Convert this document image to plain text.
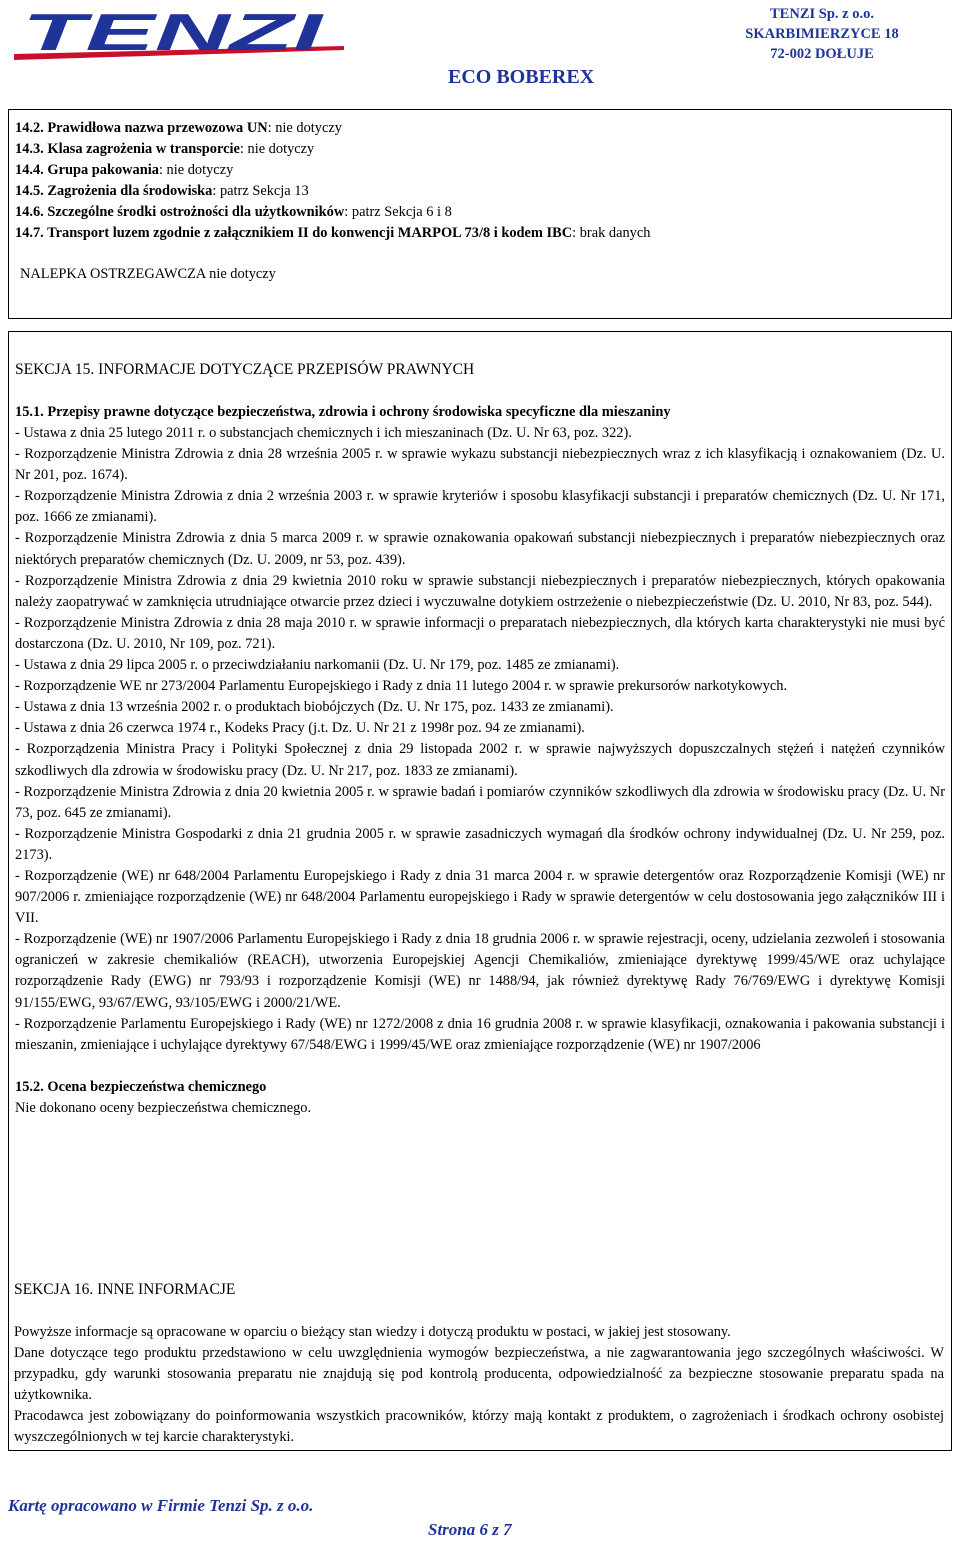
TENZI
ECO BOBEREX
TENZI Sp. z o.o.
SKARBIMIERZYCE 18
72-002 DOŁUJE
14.2. Prawidłowa nazwa przewozowa UN: nie dotyczy
14.3. Klasa zagrożenia w transporcie: nie dotyczy
14.4. Grupa pakowania: nie dotyczy
14.5. Zagrożenia dla środowiska: patrz Sekcja 13
14.6. Szczególne środki ostrożności dla użytkowników: patrz Sekcja 6 i 8
14.7. Transport luzem zgodnie z załącznikiem II do konwencji MARPOL 73/8 i kodem IBC: brak danych
NALEPKA OSTRZEGAWCZA nie dotyczy
SEKCJA 15. INFORMACJE DOTYCZĄCE PRZEPISÓW PRAWNYCH
15.1. Przepisy prawne dotyczące bezpieczeństwa, zdrowia i ochrony środowiska specyficzne dla mieszaniny
- Ustawa z dnia 25 lutego 2011 r. o substancjach chemicznych i ich mieszaninach (Dz. U. Nr 63, poz. 322).
- Rozporządzenie Ministra Zdrowia z dnia 28 września 2005 r. w sprawie wykazu substancji niebezpiecznych wraz z ich klasyfikacją i oznakowaniem (Dz. U. Nr 201, poz. 1674).
- Rozporządzenie Ministra Zdrowia z dnia 2 września 2003 r. w sprawie kryteriów i sposobu klasyfikacji substancji i preparatów chemicznych (Dz. U. Nr 171, poz. 1666 ze zmianami).
- Rozporządzenie Ministra Zdrowia z dnia 5 marca 2009 r. w sprawie oznakowania opakowań substancji niebezpiecznych i preparatów niebezpiecznych oraz niektórych preparatów chemicznych (Dz. U. 2009, nr 53, poz. 439).
- Rozporządzenie Ministra Zdrowia z dnia 29 kwietnia 2010 roku w sprawie substancji niebezpiecznych i preparatów niebezpiecznych, których opakowania należy zaopatrywać w zamknięcia utrudniające otwarcie przez dzieci i wyczuwalne dotykiem ostrzeżenie o niebezpieczeństwie (Dz. U. 2010, Nr 83, poz. 544).
- Rozporządzenie Ministra Zdrowia z dnia 28 maja 2010 r. w sprawie informacji o preparatach niebezpiecznych, dla których karta charakterystyki nie musi być dostarczona (Dz. U. 2010, Nr 109, poz. 721).
- Ustawa z dnia 29 lipca 2005 r. o przeciwdziałaniu narkomanii (Dz. U. Nr 179, poz. 1485 ze zmianami).
- Rozporządzenie WE nr 273/2004 Parlamentu Europejskiego i Rady z dnia 11 lutego 2004 r. w sprawie prekursorów narkotykowych.
- Ustawa z dnia 13 września 2002 r. o produktach biobójczych (Dz. U. Nr 175, poz. 1433 ze zmianami).
- Ustawa z dnia 26 czerwca 1974 r., Kodeks Pracy (j.t. Dz. U. Nr 21 z 1998r poz. 94 ze zmianami).
- Rozporządzenia Ministra Pracy i Polityki Społecznej z dnia 29 listopada 2002 r. w sprawie najwyższych dopuszczalnych stężeń i natężeń czynników szkodliwych dla zdrowia w środowisku pracy (Dz. U. Nr 217, poz. 1833 ze zmianami).
- Rozporządzenie Ministra Zdrowia z dnia 20 kwietnia 2005 r. w sprawie badań i pomiarów czynników szkodliwych dla zdrowia w środowisku pracy (Dz. U. Nr 73, poz. 645 ze zmianami).
- Rozporządzenie Ministra Gospodarki z dnia 21 grudnia 2005 r. w sprawie zasadniczych wymagań dla środków ochrony indywidualnej (Dz. U. Nr 259, poz. 2173).
- Rozporządzenie (WE) nr 648/2004 Parlamentu Europejskiego i Rady z dnia 31 marca 2004 r. w sprawie detergentów oraz Rozporządzenie Komisji (WE) nr 907/2006 r. zmieniające rozporządzenie (WE) nr 648/2004 Parlamentu europejskiego i Rady w sprawie detergentów w celu dostosowania jego załączników III i VII.
- Rozporządzenie (WE) nr 1907/2006 Parlamentu Europejskiego i Rady z dnia 18 grudnia 2006 r. w sprawie rejestracji, oceny, udzielania zezwoleń i stosowania ograniczeń w zakresie chemikaliów (REACH), utworzenia Europejskiej Agencji Chemikaliów, zmieniające dyrektywę 1999/45/WE oraz uchylające rozporządzenie Rady (EWG) nr 793/93 i rozporządzenie Komisji (WE) nr 1488/94, jak również dyrektywę Rady 76/769/EWG i dyrektywę Komisji 91/155/EWG, 93/67/EWG, 93/105/EWG i 2000/21/WE.
- Rozporządzenie Parlamentu Europejskiego i Rady (WE) nr 1272/2008 z dnia 16 grudnia 2008 r. w sprawie klasyfikacji, oznakowania i pakowania substancji i mieszanin, zmieniające i uchylające dyrektywy 67/548/EWG i 1999/45/WE oraz zmieniające rozporządzenie (WE) nr 1907/2006
15.2. Ocena bezpieczeństwa chemicznego
Nie dokonano oceny bezpieczeństwa chemicznego.
SEKCJA 16. INNE INFORMACJE
Powyższe informacje są opracowane w oparciu o bieżący stan wiedzy i dotyczą produktu w postaci, w jakiej jest stosowany.
Dane dotyczące tego produktu przedstawiono w celu uwzględnienia wymogów bezpieczeństwa, a nie zagwarantowania jego szczególnych właściwości. W przypadku, gdy warunki stosowania preparatu nie znajdują się pod kontrolą producenta, odpowiedzialność za bezpieczne stosowanie preparatu spada na użytkownika.
Pracodawca jest zobowiązany do poinformowania wszystkich pracowników, którzy mają kontakt z produktem, o zagrożeniach i środkach ochrony osobistej wyszczególnionych w tej karcie charakterystyki.
Kartę opracowano w Firmie Tenzi Sp. z o.o.
Strona 6 z 7
